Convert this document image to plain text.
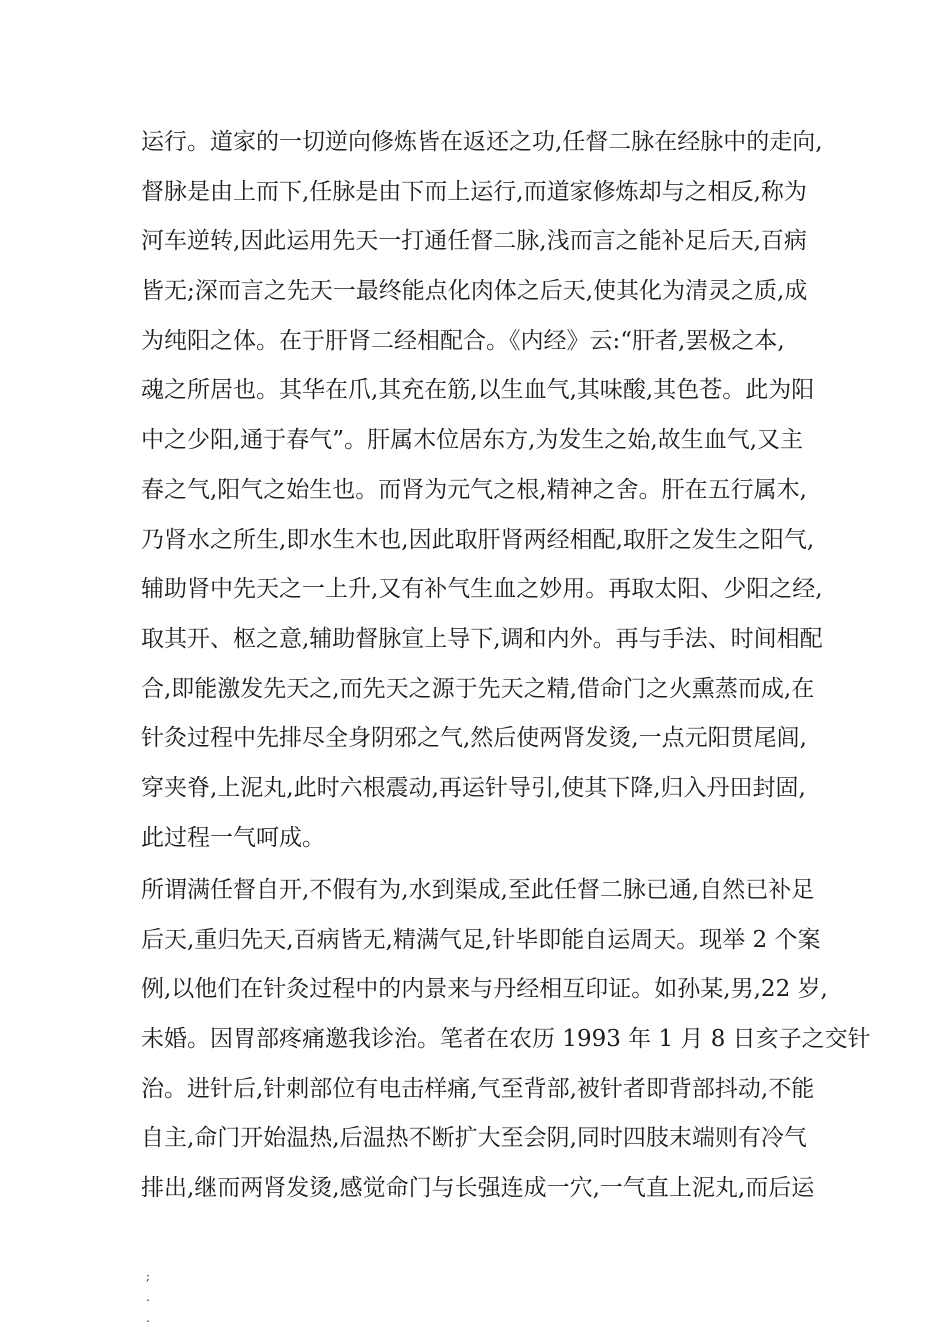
运行。道家的一切逆向修炼皆在返还之功,任督二脉在经脉中的走向,
督脉是由上而下,任脉是由下而上运行,而道家修炼却与之相反,称为
河车逆转,因此运用先天一打通任督二脉,浅而言之能补足后天,百病
皆无;深而言之先天一最终能点化肉体之后天,使其化为清灵之质,成
为纯阳之体。在于肝肾二经相配合。《内经》云:“肝者,罢极之本,
魂之所居也。其华在爪,其充在筋,以生血气,其味酸,其色苍。此为阳
中之少阳,通于春气”。肝属木位居东方,为发生之始,故生血气,又主
春之气,阳气之始生也。而肾为元气之根,精神之舍。肝在五行属木,
乃肾水之所生,即水生木也,因此取肝肾两经相配,取肝之发生之阳气,
辅助肾中先天之一上升,又有补气生血之妙用。再取太阳、少阳之经,
取其开、枢之意,辅助督脉宣上导下,调和内外。再与手法、时间相配
合,即能激发先天之,而先天之源于先天之精,借命门之火熏蒸而成,在
针灸过程中先排尽全身阴邪之气,然后使两肾发烫,一点元阳贯尾闾,
穿夹脊,上泥丸,此时六根震动,再运针导引,使其下降,归入丹田封固,
此过程一气呵成。
所谓满任督自开,不假有为,水到渠成,至此任督二脉已通,自然已补足
后天,重归先天,百病皆无,精满气足,针毕即能自运周天。现举 2 个案
例,以他们在针灸过程中的内景来与丹经相互印证。如孙某,男,22 岁,
未婚。因胃部疼痛邀我诊治。笔者在农历 1993 年 1 月 8 日亥子之交针
治。进针后,针刺部位有电击样痛,气至背部,被针者即背部抖动,不能
自主,命门开始温热,后温热不断扩大至会阴,同时四肢末端则有冷气
排出,继而两肾发烫,感觉命门与长强连成一穴,一气直上泥丸,而后运
;
.
.
